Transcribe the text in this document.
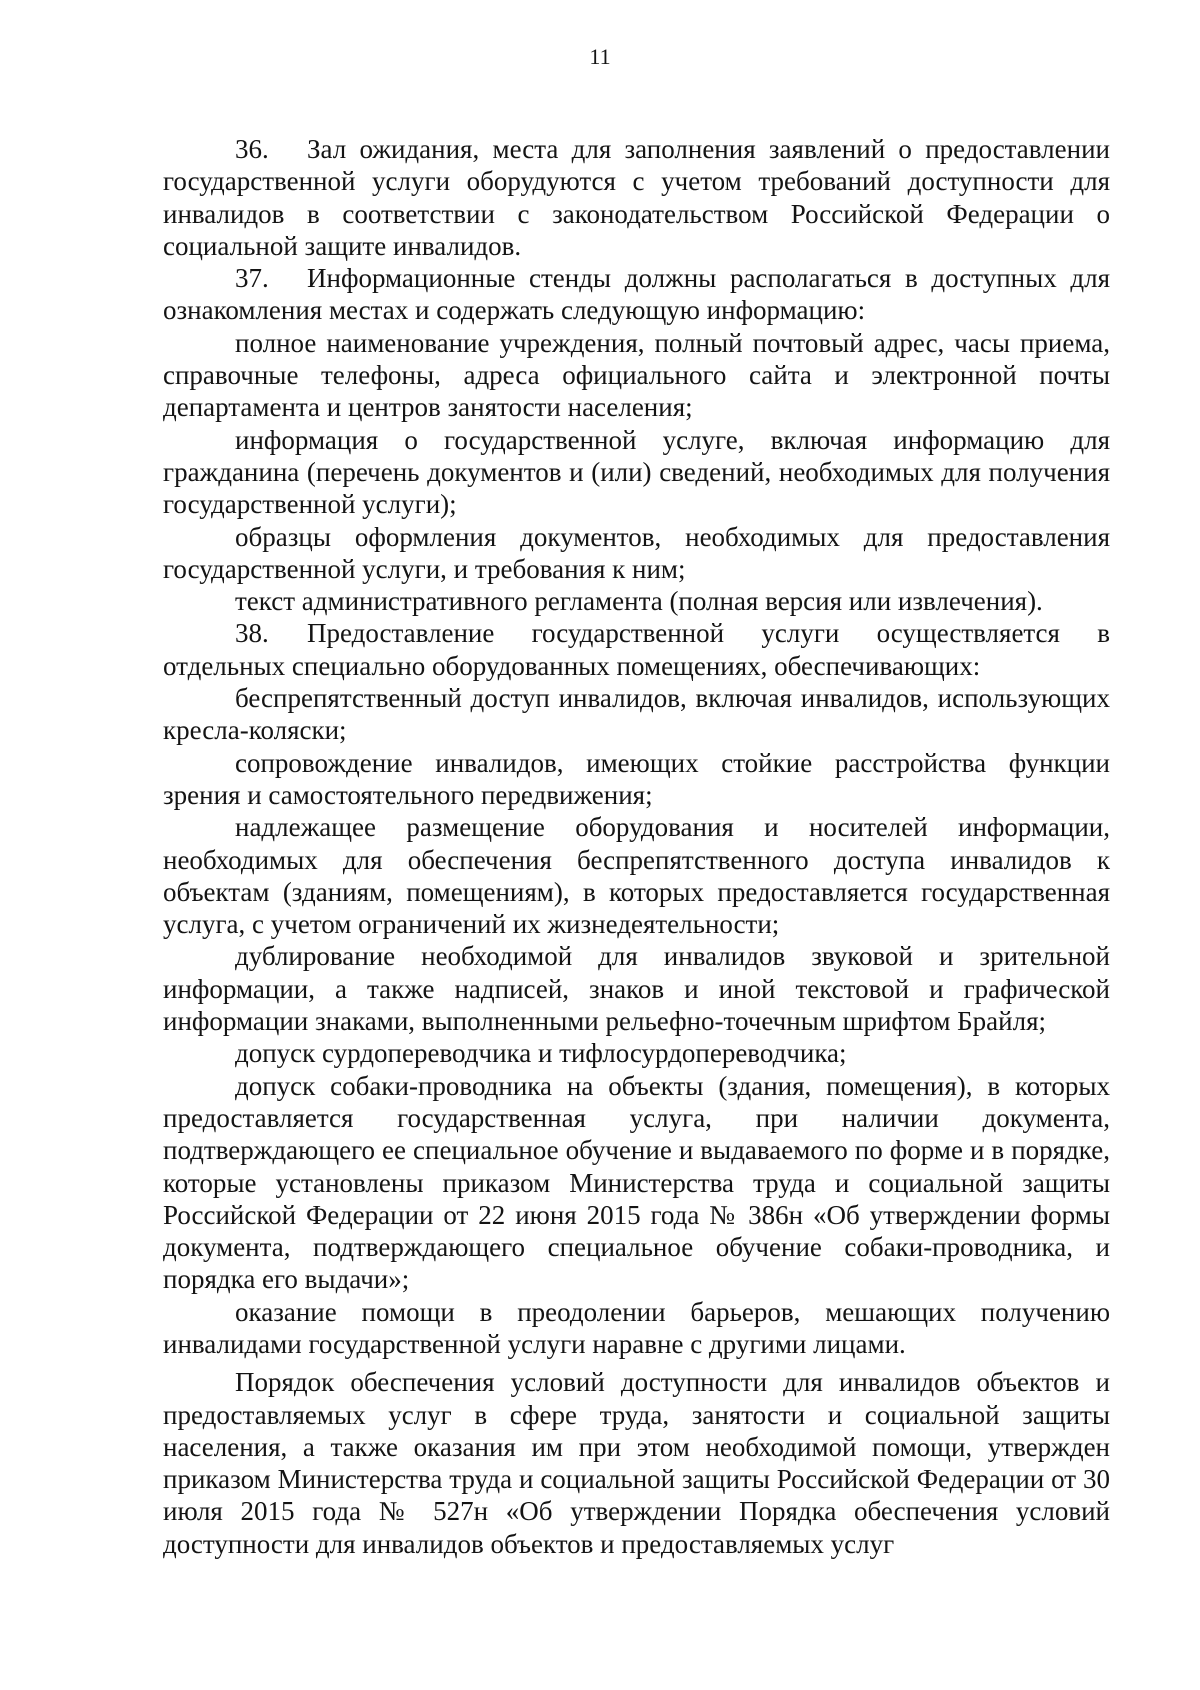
11

36. Зал ожидания, места для заполнения заявлений о предоставлении государственной услуги оборудуются с учетом требований доступности для инвалидов в соответствии с законодательством Российской Федерации о социальной защите инвалидов.

37. Информационные стенды должны располагаться в доступных для ознакомления местах и содержать следующую информацию:

полное наименование учреждения, полный почтовый адрес, часы приема, справочные телефоны, адреса официального сайта и электронной почты департамента и центров занятости населения;

информация о государственной услуге, включая информацию для гражданина (перечень документов и (или) сведений, необходимых для получения государственной услуги);

образцы оформления документов, необходимых для предоставления государственной услуги, и требования к ним;

текст административного регламента (полная версия или извлечения).

38. Предоставление государственной услуги осуществляется в отдельных специально оборудованных помещениях, обеспечивающих:

беспрепятственный доступ инвалидов, включая инвалидов, использующих кресла-коляски;

сопровождение инвалидов, имеющих стойкие расстройства функции зрения и самостоятельного передвижения;

надлежащее размещение оборудования и носителей информации, необходимых для обеспечения беспрепятственного доступа инвалидов к объектам (зданиям, помещениям), в которых предоставляется государственная услуга, с учетом ограничений их жизнедеятельности;

дублирование необходимой для инвалидов звуковой и зрительной информации, а также надписей, знаков и иной текстовой и графической информации знаками, выполненными рельефно-точечным шрифтом Брайля;

допуск сурдопереводчика и тифлосурдопереводчика;

допуск собаки-проводника на объекты (здания, помещения), в которых предоставляется государственная услуга, при наличии документа, подтверждающего ее специальное обучение и выдаваемого по форме и в порядке, которые установлены приказом Министерства труда и социальной защиты Российской Федерации от 22 июня 2015 года № 386н «Об утверждении формы документа, подтверждающего специальное обучение собаки-проводника, и порядка его выдачи»;

оказание помощи в преодолении барьеров, мешающих получению инвалидами государственной услуги наравне с другими лицами.

Порядок обеспечения условий доступности для инвалидов объектов и предоставляемых услуг в сфере труда, занятости и социальной защиты населения, а также оказания им при этом необходимой помощи, утвержден приказом Министерства труда и социальной защиты Российской Федерации от 30 июля 2015 года № 527н «Об утверждении Порядка обеспечения условий доступности для инвалидов объектов и предоставляемых услуг
